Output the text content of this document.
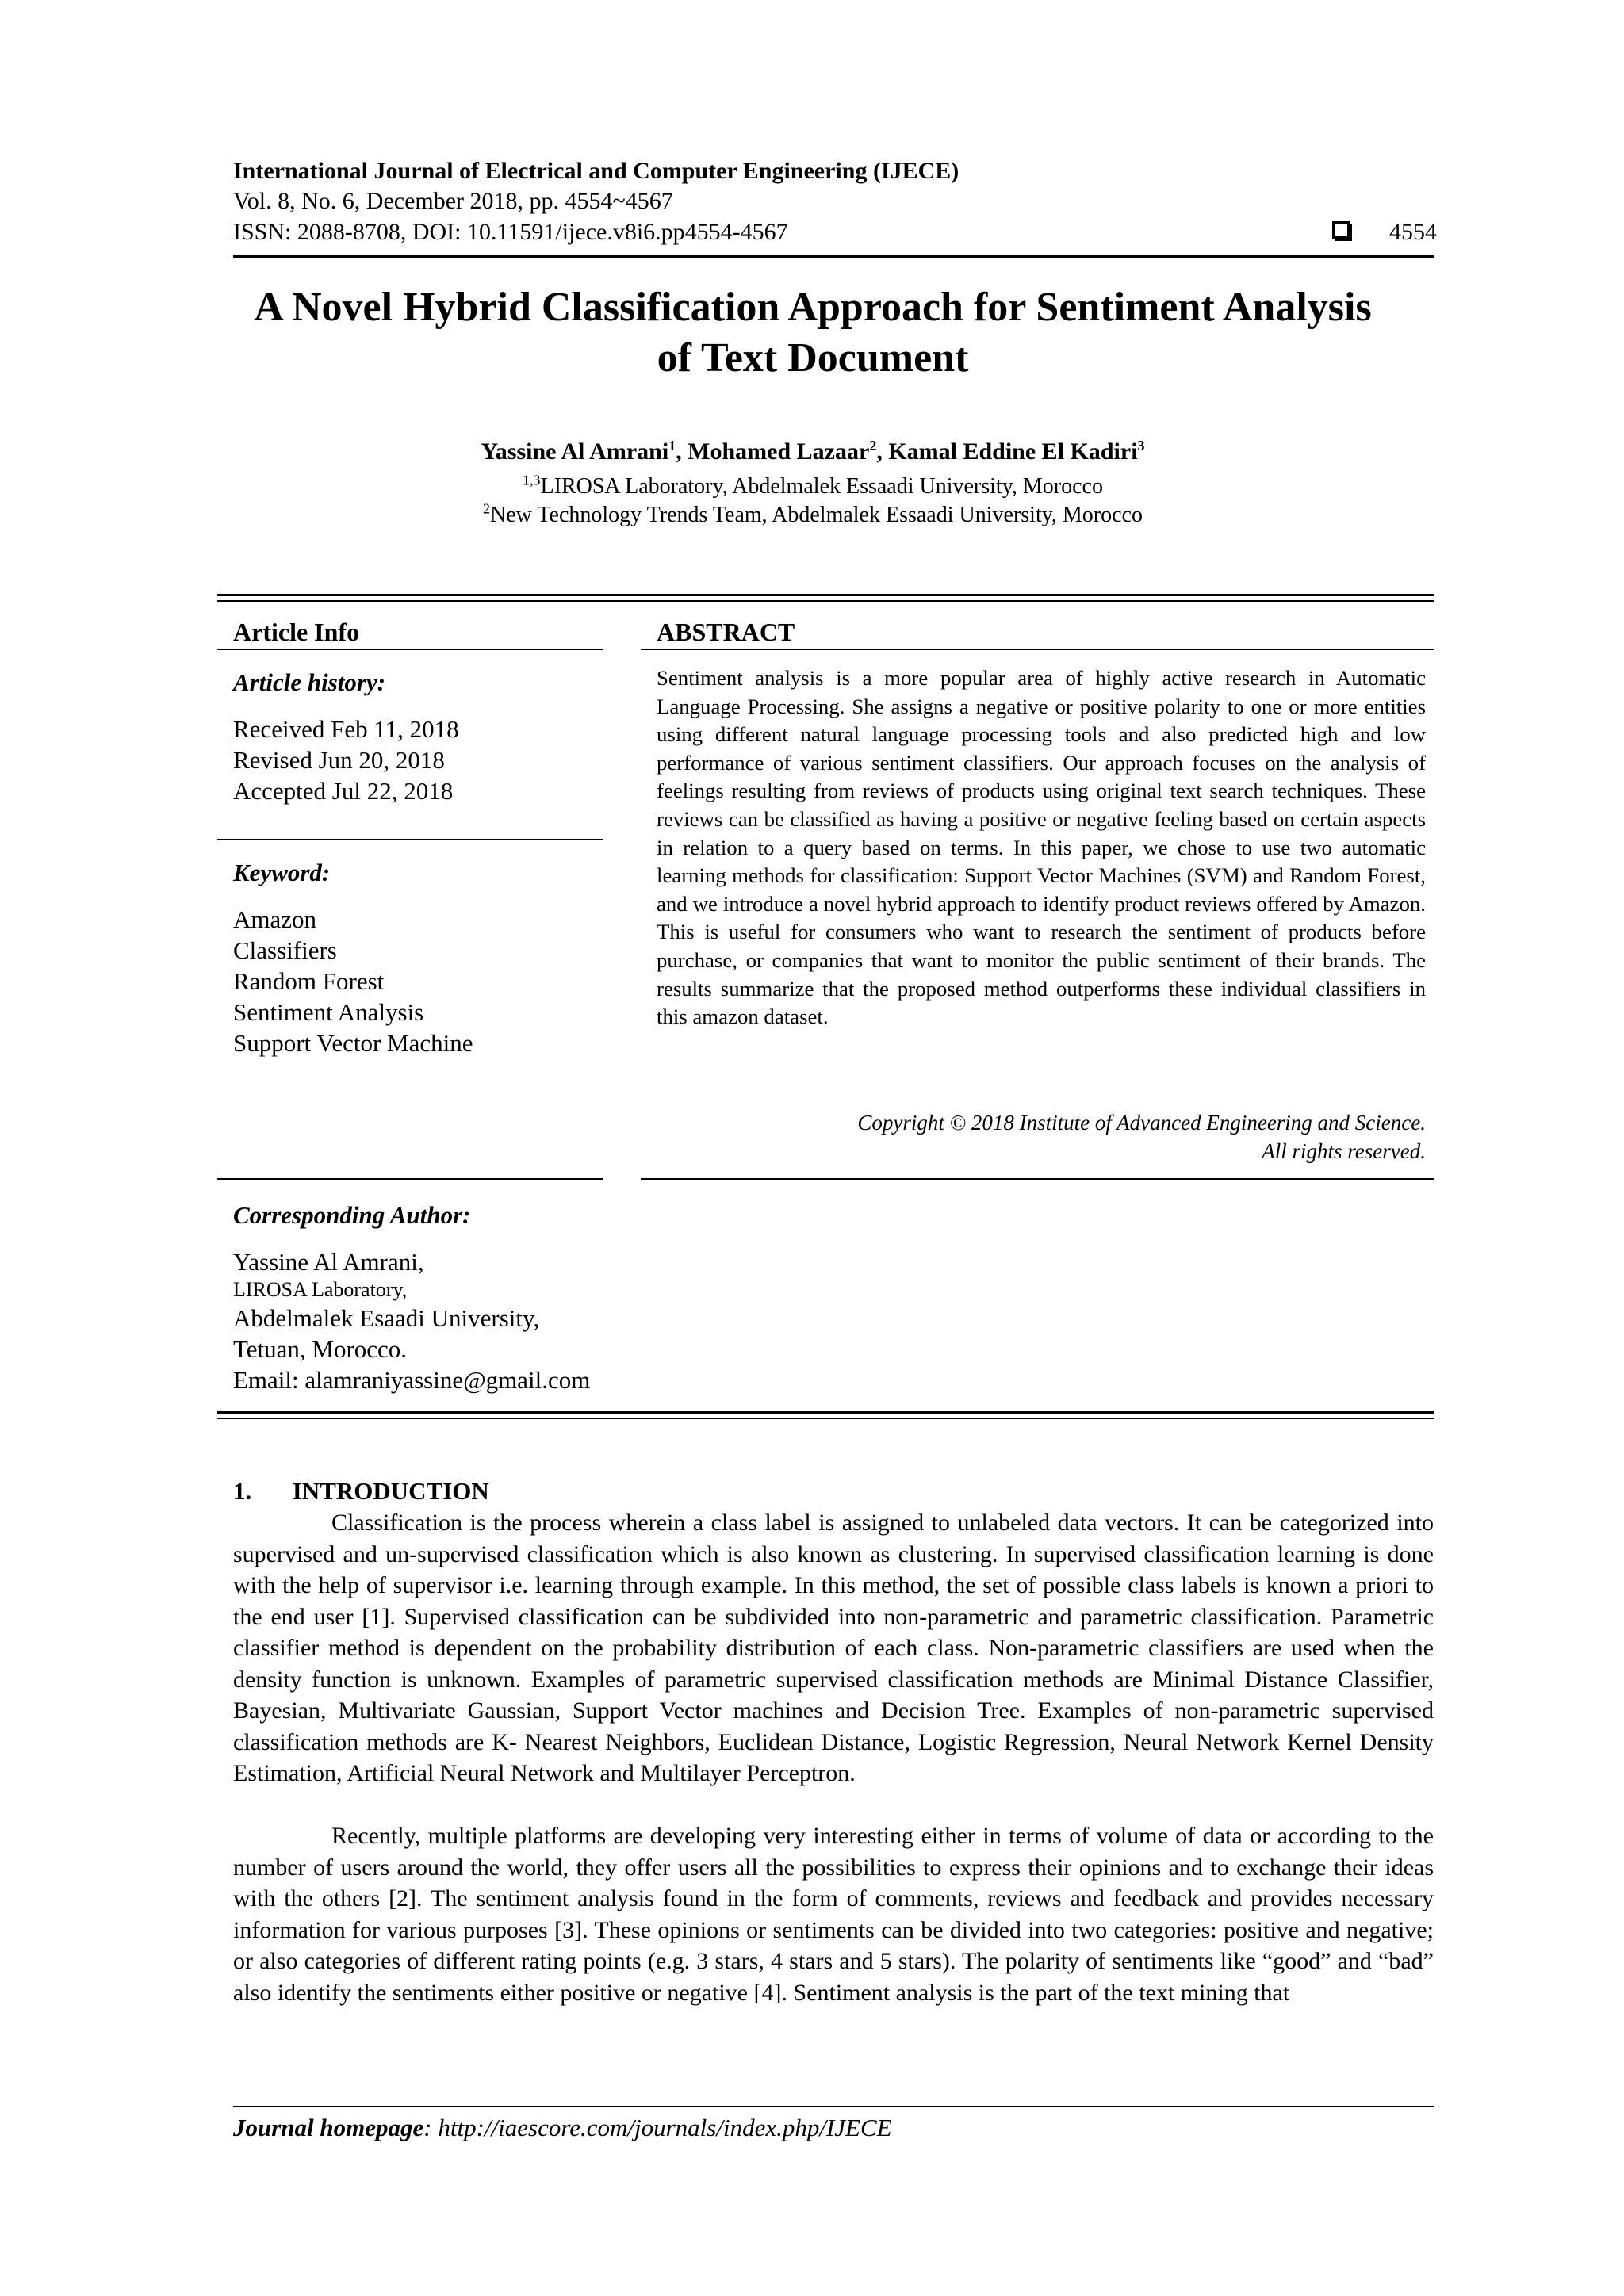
International Journal of Electrical and Computer Engineering (IJECE)
Vol. 8, No. 6, December 2018, pp. 4554~4567
ISSN: 2088-8708, DOI: 10.11591/ijece.v8i6.pp4554-4567	4554
A Novel Hybrid Classification Approach for Sentiment Analysis
of Text Document
Yassine Al Amrani$^1$, Mohamed Lazaar$^2$, Kamal Eddine El Kadiri$^3$
$^{1,3}$LIROSA Laboratory, Abdelmalek Essaadi University, Morocco
$^2$New Technology Trends Team, Abdelmalek Essaadi University, Morocco
Article Info
Article history:

Received Feb 11, 2018

Revised Jun 20, 2018

Accepted Jul 22, 2018

Keyword:

Amazon

Classifiers

Random Forest

Sentiment Analysis

Support Vector Machine

ABSTRACT

Sentiment analysis is a more popular area of highly active research in Automatic Language Processing. She assigns a negative or positive polarity to one or more entities using different natural language processing tools and also predicted high and low performance of various sentiment classifiers. Our approach focuses on the analysis of feelings resulting from reviews of products using original text search techniques. These reviews can be classified as having a positive or negative feeling based on certain aspects in relation to a query based on terms. In this paper, we chose to use two automatic learning methods for classification: Support Vector Machines (SVM) and Random Forest, and we introduce a novel hybrid approach to identify product reviews offered by Amazon. This is useful for consumers who want to research the sentiment of products before purchase, or companies that want to monitor the public sentiment of their brands. The results summarize that the proposed method outperforms these individual classifiers in this amazon dataset.

Copyright © 2018 Institute of Advanced Engineering and Science.
All rights reserved.
Corresponding Author:

Yassine Al Amrani,

LIROSA Laboratory,

Abdelmalek Esaadi University,

Tetuan, Morocco.

Email: alamraniyassine@gmail.com

1. INTRODUCTION

Classification is the process wherein a class label is assigned to unlabeled data vectors. It can be categorized into supervised and un-supervised classification which is also known as clustering. In supervised classification learning is done with the help of supervisor i.e. learning through example. In this method, the set of possible class labels is known a priori to the end user [1]. Supervised classification can be subdivided into non-parametric and parametric classification. Parametric classifier method is dependent on the probability distribution of each class. Non-parametric classifiers are used when the density function is unknown. Examples of parametric supervised classification methods are Minimal Distance Classifier, Bayesian, Multivariate Gaussian, Support Vector machines and Decision Tree. Examples of non-parametric supervised classification methods are K- Nearest Neighbors, Euclidean Distance, Logistic Regression, Neural Network Kernel Density Estimation, Artificial Neural Network and Multilayer Perceptron.

Recently, multiple platforms are developing very interesting either in terms of volume of data or according to the number of users around the world, they offer users all the possibilities to express their opinions and to exchange their ideas with the others [2]. The sentiment analysis found in the form of comments, reviews and feedback and provides necessary information for various purposes [3]. These opinions or sentiments can be divided into two categories: positive and negative; or also categories of different rating points (e.g. 3 stars, 4 stars and 5 stars). The polarity of sentiments like “good” and “bad” also identify the sentiments either positive or negative [4]. Sentiment analysis is the part of the text mining that

Journal homepage: http://iaescore.com/journals/index.php/IJECE
